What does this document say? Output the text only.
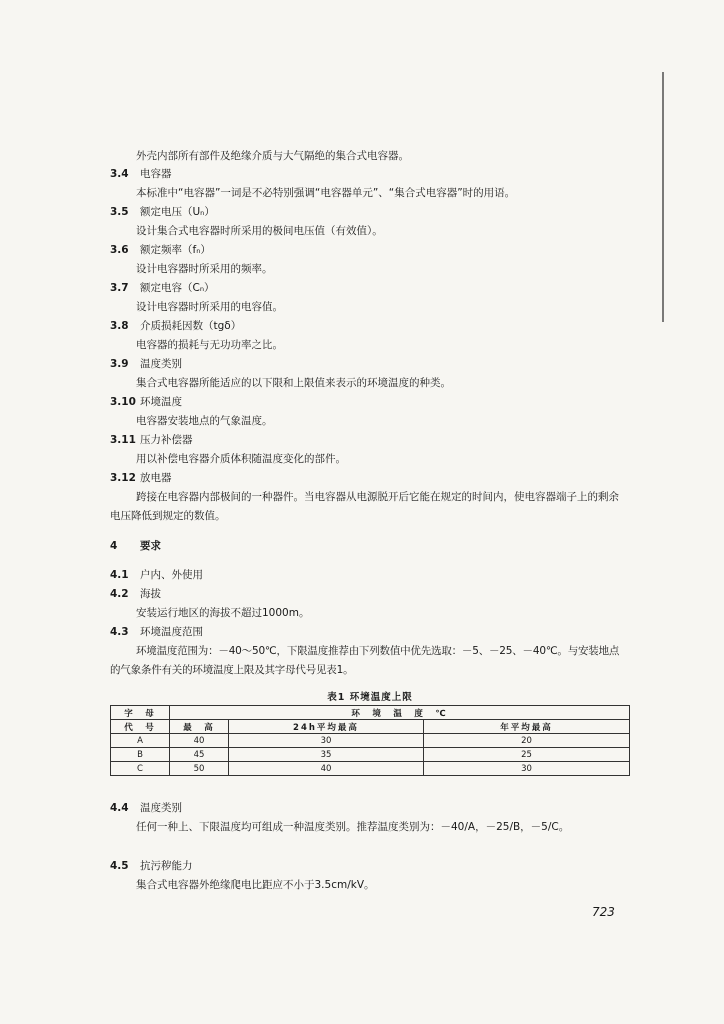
外壳内部所有部件及绝缘介质与大气隔绝的集合式电容器。
3.4 电容器
本标准中“电容器”一词是不必特别强调“电容器单元”、“集合式电容器”时的用语。
3.5 额定电压（Uₙ）
设计集合式电容器时所采用的极间电压值（有效值）。
3.6 额定频率（fₙ）
设计电容器时所采用的频率。
3.7 额定电容（Cₙ）
设计电容器时所采用的电容值。
3.8 介质损耗因数（tgδ）
电容器的损耗与无功功率之比。
3.9 温度类别
集合式电容器所能适应的以下限和上限值来表示的环境温度的种类。
3.10 环境温度
电容器安装地点的气象温度。
3.11 压力补偿器
用以补偿电容器介质体积随温度变化的部件。
3.12 放电器
跨接在电容器内部极间的一种器件。当电容器从电源脱开后它能在规定的时间内，使电容器端子上的剩余电压降低到规定的数值。
4 要求
4.1 户内、外使用
4.2 海拔
安装运行地区的海拔不超过1000m。
4.3 环境温度范围
环境温度范围为：－40～50℃，下限温度推荐由下列数值中优先选取：－5、－25、－40℃。与安装地点的气象条件有关的环境温度上限及其字母代号见表1。
表1 环境温度上限
字　母	环　境　温　度　℃		
代　号	最　高	24h平均最高	年平均最高
A	40	30	20
B	45	35	25
C	50	40	30
4.4 温度类别
任何一种上、下限温度均可组成一种温度类别。推荐温度类别为：－40/A，－25/B，－5/C。
4.5 抗污秽能力
集合式电容器外绝缘爬电比距应不小于3.5cm/kV。
723
